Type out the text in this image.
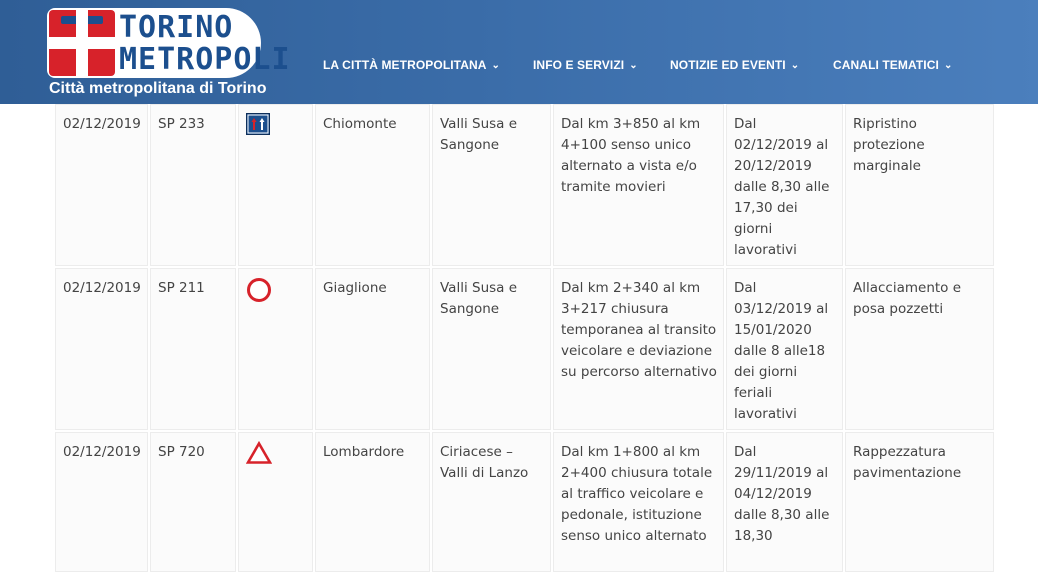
TORINO
METROPOLI
Città metropolitana di Torino
LA CITTÀ METROPOLITANA ⌄	INFO E SERVIZI ⌄	NOTIZIE ED EVENTI ⌄	CANALI TEMATICI ⌄
02/12/2019	SP 233		Chiomonte	Valli Susa e Sangone	Dal km 3+850 al km 4+100 senso unico alternato a vista e/o tramite movieri	Dal 02/12/2019 al 20/12/2019 dalle 8,30 alle 17,30 dei giorni lavorativi	Ripristino protezione marginale
02/12/2019	SP 211		Giaglione	Valli Susa e Sangone	Dal km 2+340 al km 3+217 chiusura temporanea al transito veicolare e deviazione su percorso alternativo	Dal 03/12/2019 al 15/01/2020 dalle 8 alle18 dei giorni feriali lavorativi	Allacciamento e posa pozzetti
02/12/2019	SP 720		Lombardore	Ciriacese – Valli di Lanzo	Dal km 1+800 al km 2+400 chiusura totale al traffico veicolare e pedonale, istituzione senso unico alternato	Dal 29/11/2019 al 04/12/2019 dalle 8,30 alle 18,30	Rappezzatura pavimentazione
